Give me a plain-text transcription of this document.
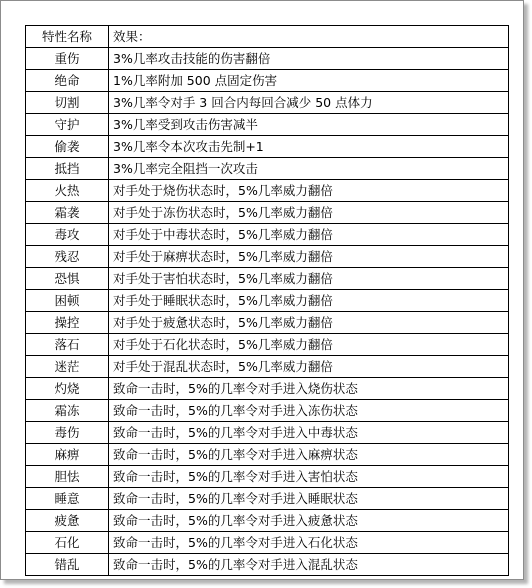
特性名称	效果：
重伤	3%几率攻击技能的伤害翻倍
绝命	1%几率附加 500 点固定伤害
切割	3%几率令对手 3 回合内每回合减少 50 点体力
守护	3%几率受到攻击伤害减半
偷袭	3%几率令本次攻击先制+1
抵挡	3%几率完全阻挡一次攻击
火热	对手处于烧伤状态时，5%几率威力翻倍
霜袭	对手处于冻伤状态时，5%几率威力翻倍
毒攻	对手处于中毒状态时，5%几率威力翻倍
残忍	对手处于麻痹状态时，5%几率威力翻倍
恐惧	对手处于害怕状态时，5%几率威力翻倍
困顿	对手处于睡眠状态时，5%几率威力翻倍
操控	对手处于疲惫状态时，5%几率威力翻倍
落石	对手处于石化状态时，5%几率威力翻倍
迷茫	对手处于混乱状态时，5%几率威力翻倍
灼烧	致命一击时，5%的几率令对手进入烧伤状态
霜冻	致命一击时，5%的几率令对手进入冻伤状态
毒伤	致命一击时，5%的几率令对手进入中毒状态
麻痹	致命一击时，5%的几率令对手进入麻痹状态
胆怯	致命一击时，5%的几率令对手进入害怕状态
睡意	致命一击时，5%的几率令对手进入睡眠状态
疲惫	致命一击时，5%的几率令对手进入疲惫状态
石化	致命一击时，5%的几率令对手进入石化状态
错乱	致命一击时，5%的几率令对手进入混乱状态
